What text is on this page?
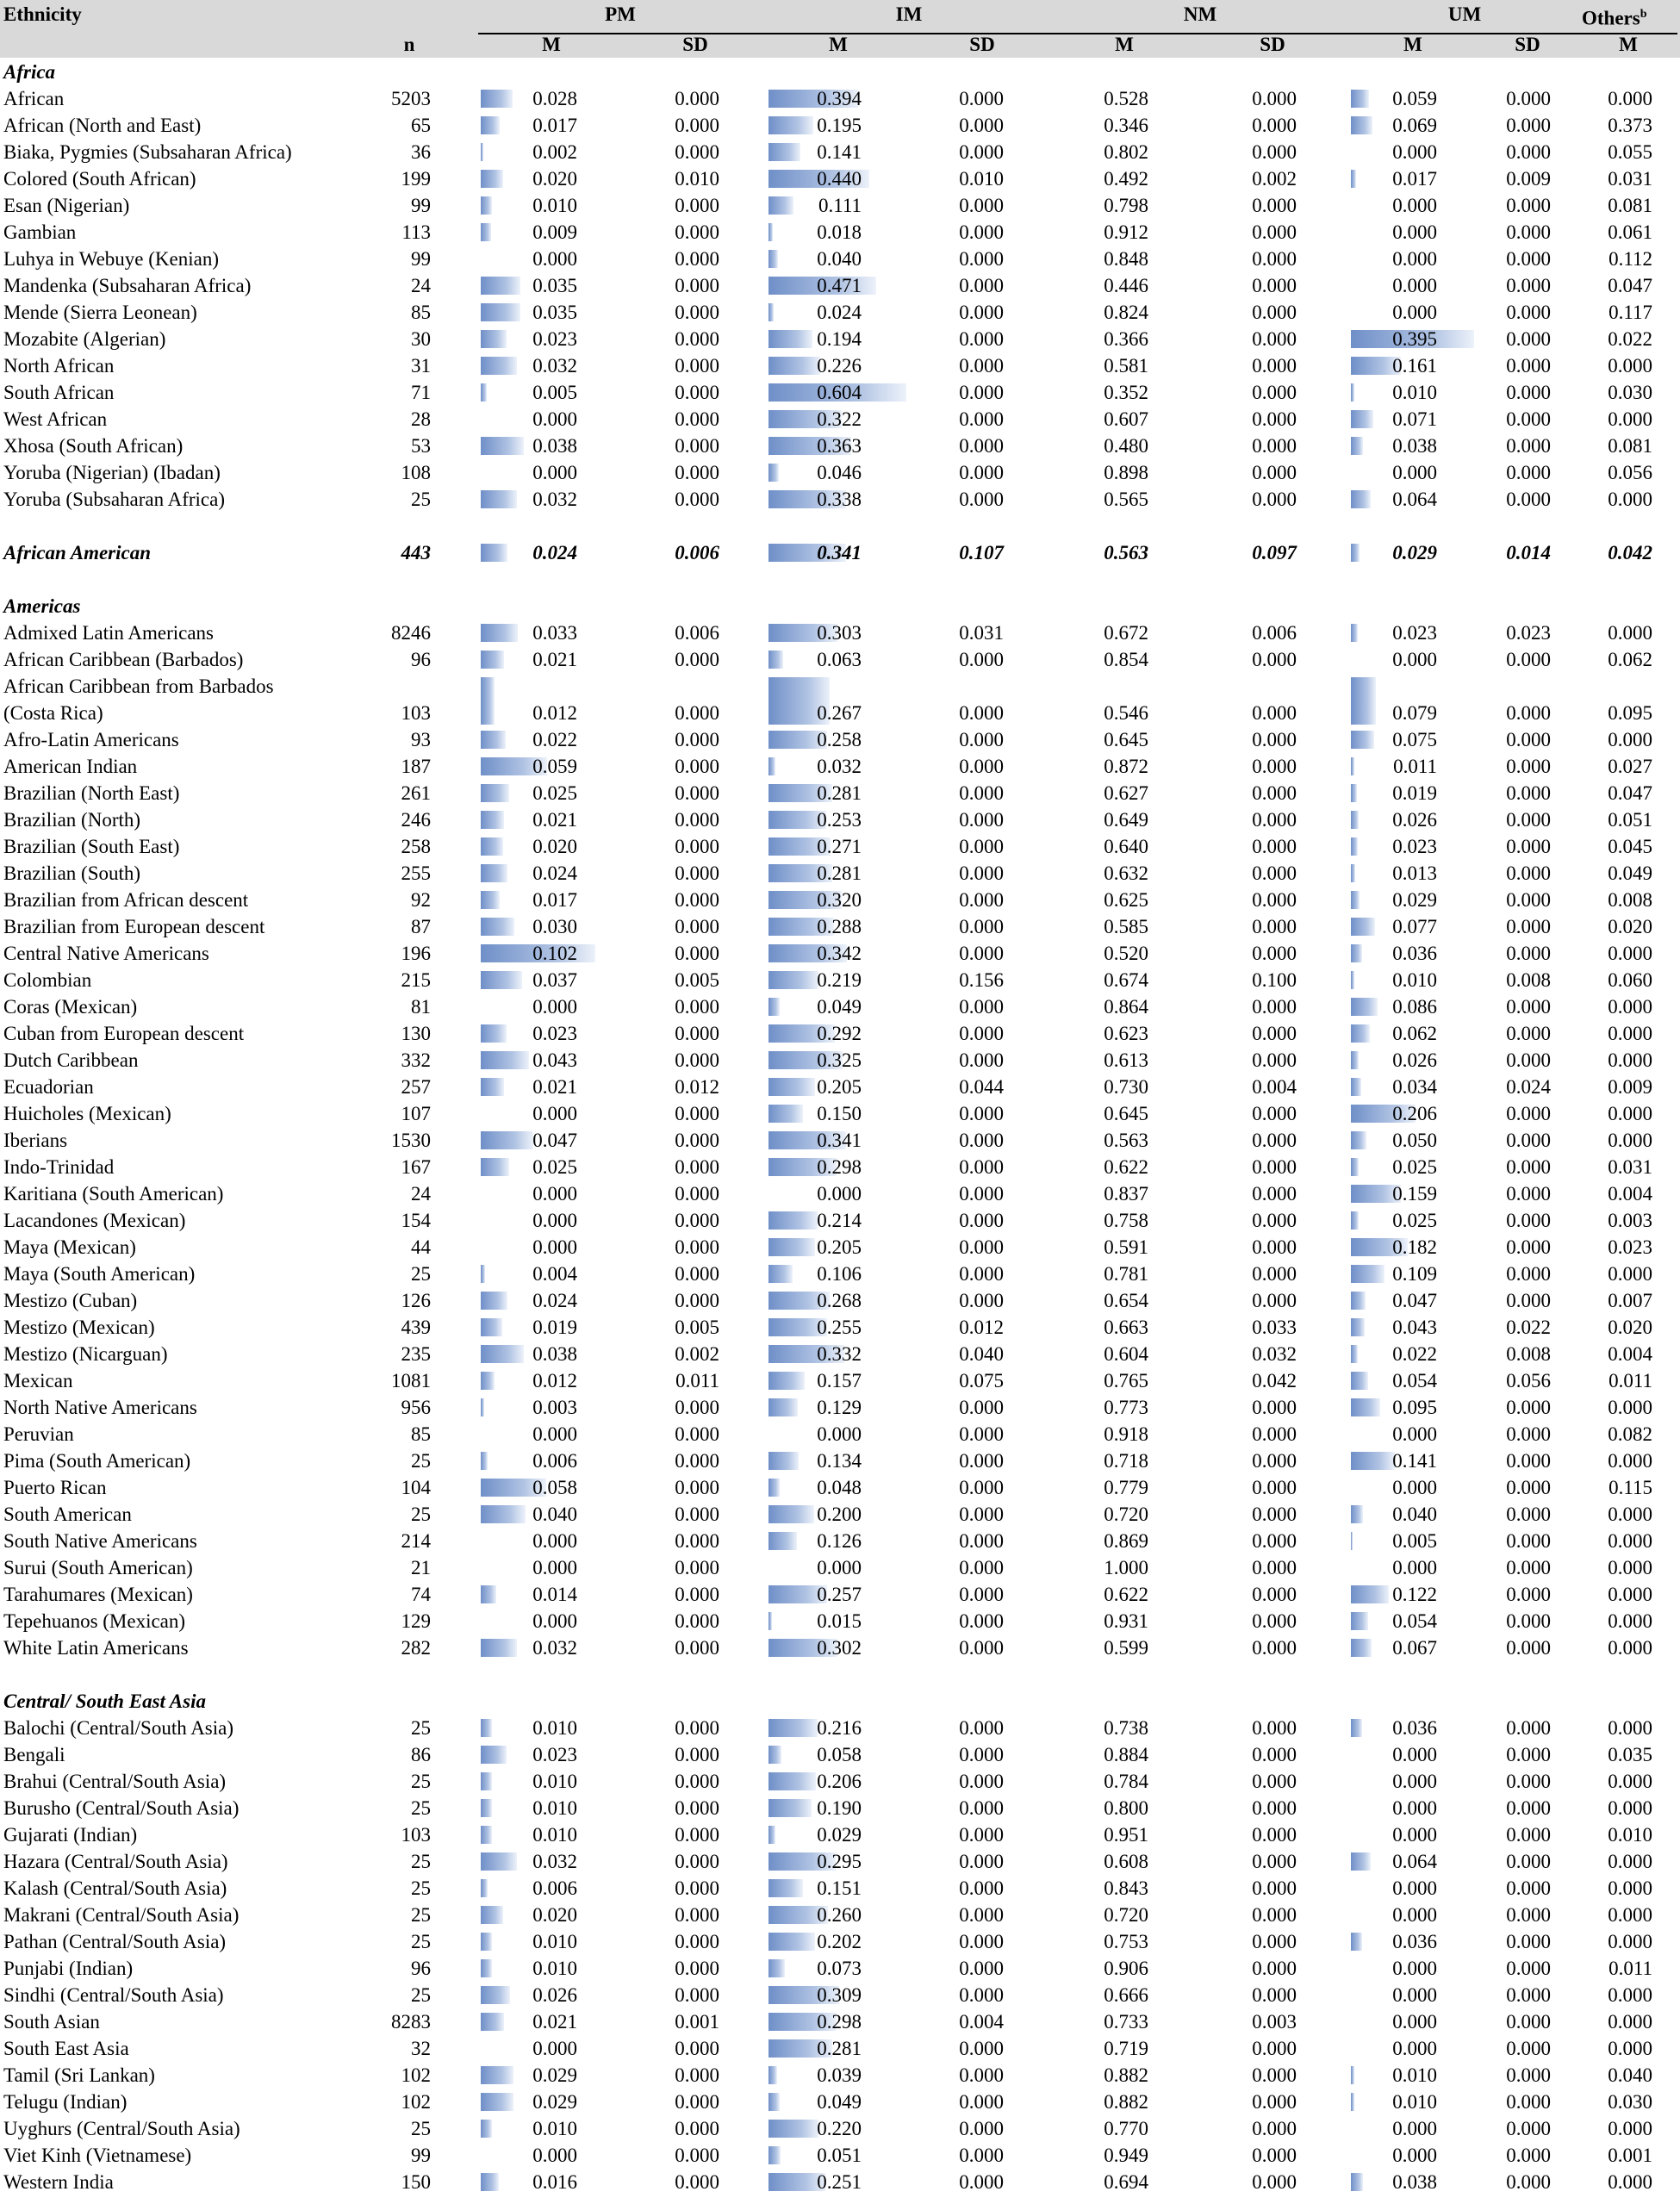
Ethnicity	PM	IM	NM	UM	Others$^b$
n	M	SD	M	SD	M	SD	M	SD	M
Africa
African	5203	0.028	0.000	0.394	0.000	0.528	0.000	0.059	0.000	0.000
African (North and East)	65	0.017	0.000	0.195	0.000	0.346	0.000	0.069	0.000	0.373
Biaka, Pygmies (Subsaharan Africa)	36	0.002	0.000	0.141	0.000	0.802	0.000	0.000	0.000	0.055
Colored (South African)	199	0.020	0.010	0.440	0.010	0.492	0.002	0.017	0.009	0.031
Esan (Nigerian)	99	0.010	0.000	0.111	0.000	0.798	0.000	0.000	0.000	0.081
Gambian	113	0.009	0.000	0.018	0.000	0.912	0.000	0.000	0.000	0.061
Luhya in Webuye (Kenian)	99	0.000	0.000	0.040	0.000	0.848	0.000	0.000	0.000	0.112
Mandenka (Subsaharan Africa)	24	0.035	0.000	0.471	0.000	0.446	0.000	0.000	0.000	0.047
Mende (Sierra Leonean)	85	0.035	0.000	0.024	0.000	0.824	0.000	0.000	0.000	0.117
Mozabite (Algerian)	30	0.023	0.000	0.194	0.000	0.366	0.000	0.395	0.000	0.022
North African	31	0.032	0.000	0.226	0.000	0.581	0.000	0.161	0.000	0.000
South African	71	0.005	0.000	0.604	0.000	0.352	0.000	0.010	0.000	0.030
West African	28	0.000	0.000	0.322	0.000	0.607	0.000	0.071	0.000	0.000
Xhosa (South African)	53	0.038	0.000	0.363	0.000	0.480	0.000	0.038	0.000	0.081
Yoruba (Nigerian) (Ibadan)	108	0.000	0.000	0.046	0.000	0.898	0.000	0.000	0.000	0.056
Yoruba (Subsaharan Africa)	25	0.032	0.000	0.338	0.000	0.565	0.000	0.064	0.000	0.000
African American	443	0.024	0.006	0.341	0.107	0.563	0.097	0.029	0.014	0.042
Americas
Admixed Latin Americans	8246	0.033	0.006	0.303	0.031	0.672	0.006	0.023	0.023	0.000
African Caribbean (Barbados)	96	0.021	0.000	0.063	0.000	0.854	0.000	0.000	0.000	0.062
African Caribbean from Barbados
(Costa Rica)	103	0.012	0.000	0.267	0.000	0.546	0.000	0.079	0.000	0.095
Afro-Latin Americans	93	0.022	0.000	0.258	0.000	0.645	0.000	0.075	0.000	0.000
American Indian	187	0.059	0.000	0.032	0.000	0.872	0.000	0.011	0.000	0.027
Brazilian (North East)	261	0.025	0.000	0.281	0.000	0.627	0.000	0.019	0.000	0.047
Brazilian (North)	246	0.021	0.000	0.253	0.000	0.649	0.000	0.026	0.000	0.051
Brazilian (South East)	258	0.020	0.000	0.271	0.000	0.640	0.000	0.023	0.000	0.045
Brazilian (South)	255	0.024	0.000	0.281	0.000	0.632	0.000	0.013	0.000	0.049
Brazilian from African descent	92	0.017	0.000	0.320	0.000	0.625	0.000	0.029	0.000	0.008
Brazilian from European descent	87	0.030	0.000	0.288	0.000	0.585	0.000	0.077	0.000	0.020
Central Native Americans	196	0.102	0.000	0.342	0.000	0.520	0.000	0.036	0.000	0.000
Colombian	215	0.037	0.005	0.219	0.156	0.674	0.100	0.010	0.008	0.060
Coras (Mexican)	81	0.000	0.000	0.049	0.000	0.864	0.000	0.086	0.000	0.000
Cuban from European descent	130	0.023	0.000	0.292	0.000	0.623	0.000	0.062	0.000	0.000
Dutch Caribbean	332	0.043	0.000	0.325	0.000	0.613	0.000	0.026	0.000	0.000
Ecuadorian	257	0.021	0.012	0.205	0.044	0.730	0.004	0.034	0.024	0.009
Huicholes (Mexican)	107	0.000	0.000	0.150	0.000	0.645	0.000	0.206	0.000	0.000
Iberians	1530	0.047	0.000	0.341	0.000	0.563	0.000	0.050	0.000	0.000
Indo-Trinidad	167	0.025	0.000	0.298	0.000	0.622	0.000	0.025	0.000	0.031
Karitiana (South American)	24	0.000	0.000	0.000	0.000	0.837	0.000	0.159	0.000	0.004
Lacandones (Mexican)	154	0.000	0.000	0.214	0.000	0.758	0.000	0.025	0.000	0.003
Maya (Mexican)	44	0.000	0.000	0.205	0.000	0.591	0.000	0.182	0.000	0.023
Maya (South American)	25	0.004	0.000	0.106	0.000	0.781	0.000	0.109	0.000	0.000
Mestizo (Cuban)	126	0.024	0.000	0.268	0.000	0.654	0.000	0.047	0.000	0.007
Mestizo (Mexican)	439	0.019	0.005	0.255	0.012	0.663	0.033	0.043	0.022	0.020
Mestizo (Nicarguan)	235	0.038	0.002	0.332	0.040	0.604	0.032	0.022	0.008	0.004
Mexican	1081	0.012	0.011	0.157	0.075	0.765	0.042	0.054	0.056	0.011
North Native Americans	956	0.003	0.000	0.129	0.000	0.773	0.000	0.095	0.000	0.000
Peruvian	85	0.000	0.000	0.000	0.000	0.918	0.000	0.000	0.000	0.082
Pima (South American)	25	0.006	0.000	0.134	0.000	0.718	0.000	0.141	0.000	0.000
Puerto Rican	104	0.058	0.000	0.048	0.000	0.779	0.000	0.000	0.000	0.115
South American	25	0.040	0.000	0.200	0.000	0.720	0.000	0.040	0.000	0.000
South Native Americans	214	0.000	0.000	0.126	0.000	0.869	0.000	0.005	0.000	0.000
Surui (South American)	21	0.000	0.000	0.000	0.000	1.000	0.000	0.000	0.000	0.000
Tarahumares (Mexican)	74	0.014	0.000	0.257	0.000	0.622	0.000	0.122	0.000	0.000
Tepehuanos (Mexican)	129	0.000	0.000	0.015	0.000	0.931	0.000	0.054	0.000	0.000
White Latin Americans	282	0.032	0.000	0.302	0.000	0.599	0.000	0.067	0.000	0.000
Central/ South East Asia
Balochi (Central/South Asia)	25	0.010	0.000	0.216	0.000	0.738	0.000	0.036	0.000	0.000
Bengali	86	0.023	0.000	0.058	0.000	0.884	0.000	0.000	0.000	0.035
Brahui (Central/South Asia)	25	0.010	0.000	0.206	0.000	0.784	0.000	0.000	0.000	0.000
Burusho (Central/South Asia)	25	0.010	0.000	0.190	0.000	0.800	0.000	0.000	0.000	0.000
Gujarati (Indian)	103	0.010	0.000	0.029	0.000	0.951	0.000	0.000	0.000	0.010
Hazara (Central/South Asia)	25	0.032	0.000	0.295	0.000	0.608	0.000	0.064	0.000	0.000
Kalash (Central/South Asia)	25	0.006	0.000	0.151	0.000	0.843	0.000	0.000	0.000	0.000
Makrani (Central/South Asia)	25	0.020	0.000	0.260	0.000	0.720	0.000	0.000	0.000	0.000
Pathan (Central/South Asia)	25	0.010	0.000	0.202	0.000	0.753	0.000	0.036	0.000	0.000
Punjabi (Indian)	96	0.010	0.000	0.073	0.000	0.906	0.000	0.000	0.000	0.011
Sindhi (Central/South Asia)	25	0.026	0.000	0.309	0.000	0.666	0.000	0.000	0.000	0.000
South Asian	8283	0.021	0.001	0.298	0.004	0.733	0.003	0.000	0.000	0.000
South East Asia	32	0.000	0.000	0.281	0.000	0.719	0.000	0.000	0.000	0.000
Tamil (Sri Lankan)	102	0.029	0.000	0.039	0.000	0.882	0.000	0.010	0.000	0.040
Telugu (Indian)	102	0.029	0.000	0.049	0.000	0.882	0.000	0.010	0.000	0.030
Uyghurs (Central/South Asia)	25	0.010	0.000	0.220	0.000	0.770	0.000	0.000	0.000	0.000
Viet Kinh (Vietnamese)	99	0.000	0.000	0.051	0.000	0.949	0.000	0.000	0.000	0.001
Western India	150	0.016	0.000	0.251	0.000	0.694	0.000	0.038	0.000	0.000
